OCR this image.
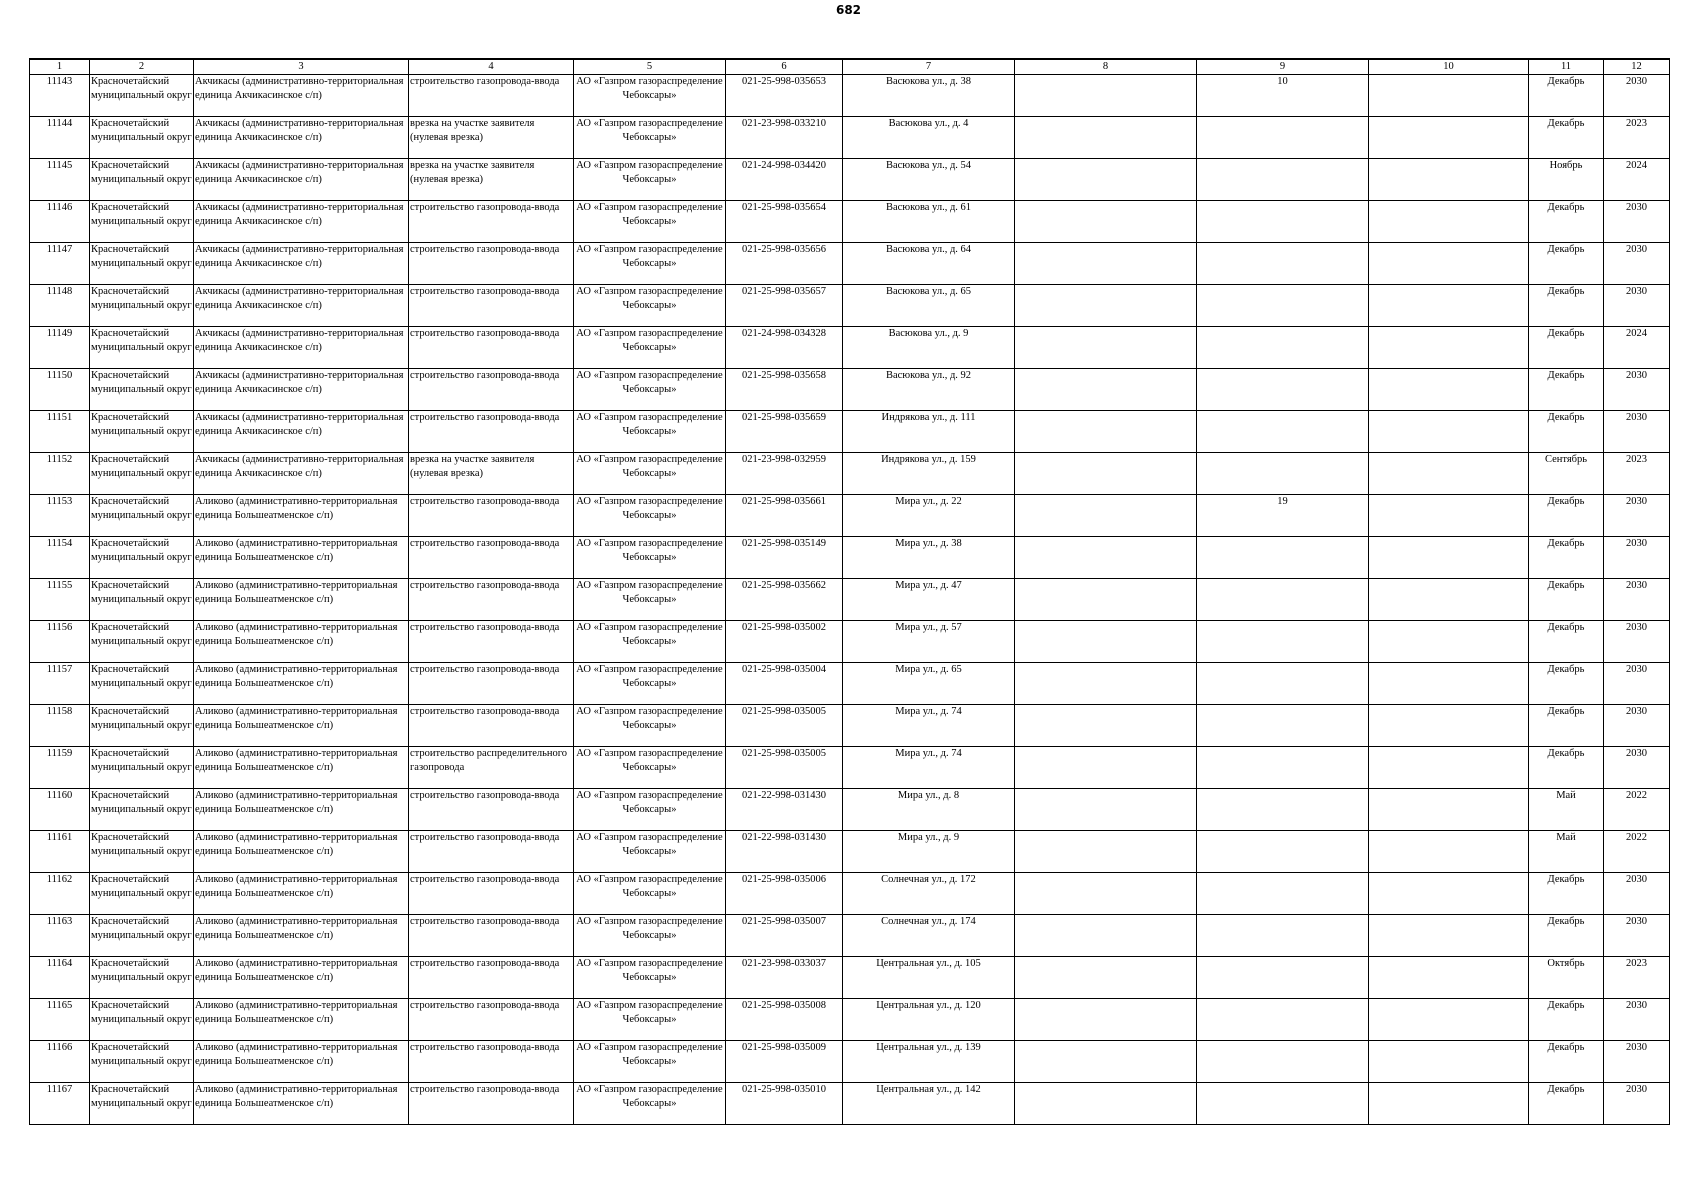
682
1	2	3	4	5	6	7	8	9	10	11	12

11143	Красночетайский муниципальный округ	Акчикасы (административно-территориальная единица Акчикасинское с/п)	строительство газопровода-ввода	АО «Газпром газораспределение Чебоксары»	021-25-998-035653	Васюкова ул., д. 38		10		Декабрь	2030

11144	Красночетайский муниципальный округ	Акчикасы (административно-территориальная единица Акчикасинское с/п)	врезка на участке заявителя (нулевая врезка)	АО «Газпром газораспределение Чебоксары»	021-23-998-033210	Васюкова ул., д. 4				Декабрь	2023

11145	Красночетайский муниципальный округ	Акчикасы (административно-территориальная единица Акчикасинское с/п)	врезка на участке заявителя (нулевая врезка)	АО «Газпром газораспределение Чебоксары»	021-24-998-034420	Васюкова ул., д. 54				Ноябрь	2024

11146	Красночетайский муниципальный округ	Акчикасы (административно-территориальная единица Акчикасинское с/п)	строительство газопровода-ввода	АО «Газпром газораспределение Чебоксары»	021-25-998-035654	Васюкова ул., д. 61				Декабрь	2030

11147	Красночетайский муниципальный округ	Акчикасы (административно-территориальная единица Акчикасинское с/п)	строительство газопровода-ввода	АО «Газпром газораспределение Чебоксары»	021-25-998-035656	Васюкова ул., д. 64				Декабрь	2030

11148	Красночетайский муниципальный округ	Акчикасы (административно-территориальная единица Акчикасинское с/п)	строительство газопровода-ввода	АО «Газпром газораспределение Чебоксары»	021-25-998-035657	Васюкова ул., д. 65				Декабрь	2030

11149	Красночетайский муниципальный округ	Акчикасы (административно-территориальная единица Акчикасинское с/п)	строительство газопровода-ввода	АО «Газпром газораспределение Чебоксары»	021-24-998-034328	Васюкова ул., д. 9				Декабрь	2024

11150	Красночетайский муниципальный округ	Акчикасы (административно-территориальная единица Акчикасинское с/п)	строительство газопровода-ввода	АО «Газпром газораспределение Чебоксары»	021-25-998-035658	Васюкова ул., д. 92				Декабрь	2030

11151	Красночетайский муниципальный округ	Акчикасы (административно-территориальная единица Акчикасинское с/п)	строительство газопровода-ввода	АО «Газпром газораспределение Чебоксары»	021-25-998-035659	Индрякова ул., д. 111				Декабрь	2030

11152	Красночетайский муниципальный округ	Акчикасы (административно-территориальная единица Акчикасинское с/п)	врезка на участке заявителя (нулевая врезка)	АО «Газпром газораспределение Чебоксары»	021-23-998-032959	Индрякова ул., д. 159				Сентябрь	2023

11153	Красночетайский муниципальный округ	Аликово (административно-территориальная единица Большеатменское с/п)	строительство газопровода-ввода	АО «Газпром газораспределение Чебоксары»	021-25-998-035661	Мира ул., д. 22		19		Декабрь	2030

11154	Красночетайский муниципальный округ	Аликово (административно-территориальная единица Большеатменское с/п)	строительство газопровода-ввода	АО «Газпром газораспределение Чебоксары»	021-25-998-035149	Мира ул., д. 38				Декабрь	2030

11155	Красночетайский муниципальный округ	Аликово (административно-территориальная единица Большеатменское с/п)	строительство газопровода-ввода	АО «Газпром газораспределение Чебоксары»	021-25-998-035662	Мира ул., д. 47				Декабрь	2030

11156	Красночетайский муниципальный округ	Аликово (административно-территориальная единица Большеатменское с/п)	строительство газопровода-ввода	АО «Газпром газораспределение Чебоксары»	021-25-998-035002	Мира ул., д. 57				Декабрь	2030

11157	Красночетайский муниципальный округ	Аликово (административно-территориальная единица Большеатменское с/п)	строительство газопровода-ввода	АО «Газпром газораспределение Чебоксары»	021-25-998-035004	Мира ул., д. 65				Декабрь	2030

11158	Красночетайский муниципальный округ	Аликово (административно-территориальная единица Большеатменское с/п)	строительство газопровода-ввода	АО «Газпром газораспределение Чебоксары»	021-25-998-035005	Мира ул., д. 74				Декабрь	2030

11159	Красночетайский муниципальный округ	Аликово (административно-территориальная единица Большеатменское с/п)	строительство распределительного газопровода	АО «Газпром газораспределение Чебоксары»	021-25-998-035005	Мира ул., д. 74				Декабрь	2030

11160	Красночетайский муниципальный округ	Аликово (административно-территориальная единица Большеатменское с/п)	строительство газопровода-ввода	АО «Газпром газораспределение Чебоксары»	021-22-998-031430	Мира ул., д. 8				Май	2022

11161	Красночетайский муниципальный округ	Аликово (административно-территориальная единица Большеатменское с/п)	строительство газопровода-ввода	АО «Газпром газораспределение Чебоксары»	021-22-998-031430	Мира ул., д. 9				Май	2022

11162	Красночетайский муниципальный округ	Аликово (административно-территориальная единица Большеатменское с/п)	строительство газопровода-ввода	АО «Газпром газораспределение Чебоксары»	021-25-998-035006	Солнечная ул., д. 172				Декабрь	2030

11163	Красночетайский муниципальный округ	Аликово (административно-территориальная единица Большеатменское с/п)	строительство газопровода-ввода	АО «Газпром газораспределение Чебоксары»	021-25-998-035007	Солнечная ул., д. 174				Декабрь	2030

11164	Красночетайский муниципальный округ	Аликово (административно-территориальная единица Большеатменское с/п)	строительство газопровода-ввода	АО «Газпром газораспределение Чебоксары»	021-23-998-033037	Центральная ул., д. 105				Октябрь	2023

11165	Красночетайский муниципальный округ	Аликово (административно-территориальная единица Большеатменское с/п)	строительство газопровода-ввода	АО «Газпром газораспределение Чебоксары»	021-25-998-035008	Центральная ул., д. 120				Декабрь	2030

11166	Красночетайский муниципальный округ	Аликово (административно-территориальная единица Большеатменское с/п)	строительство газопровода-ввода	АО «Газпром газораспределение Чебоксары»	021-25-998-035009	Центральная ул., д. 139				Декабрь	2030

11167	Красночетайский муниципальный округ	Аликово (административно-территориальная единица Большеатменское с/п)	строительство газопровода-ввода	АО «Газпром газораспределение Чебоксары»	021-25-998-035010	Центральная ул., д. 142				Декабрь	2030
